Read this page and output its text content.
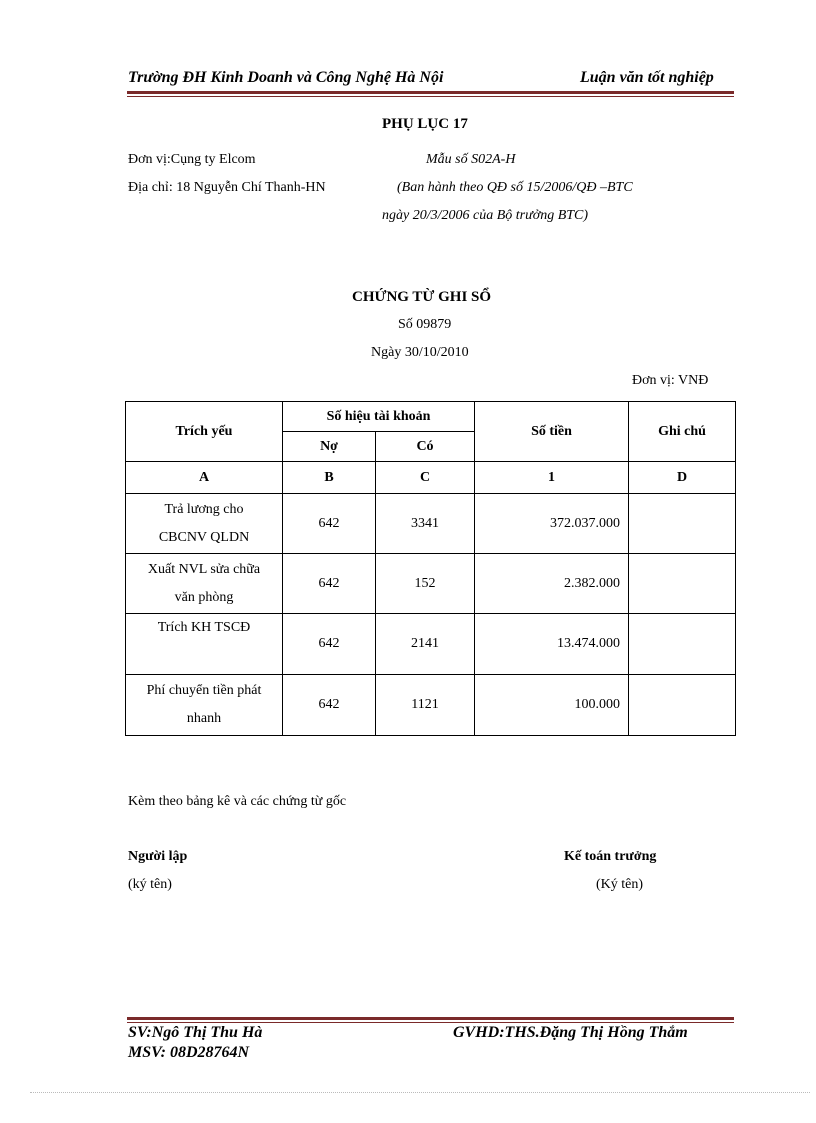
Trường ĐH Kinh Doanh và Công Nghệ Hà Nội	Luận văn tốt nghiệp
PHỤ LỤC 17
Đơn vị:Cụng ty Elcom
Địa chỉ: 18 Nguyễn Chí Thanh-HN
Mẫu số S02A-H
(Ban hành theo QĐ số 15/2006/QĐ –BTC
ngày 20/3/2006 của Bộ trưởng BTC)
CHỨNG TỪ GHI SỔ
Số 09879
Ngày 30/10/2010
Đơn vị: VNĐ
Trích yếu	Số hiệu tài khoản		Số tiền	Ghi chú
	Nợ	Có		
A	B	C	1	D

Trả lương cho
CBCNV QLDN	642	3341	372.037.000	

Xuất NVL sửa chữa
văn phòng	642	152	2.382.000	

Trích KH TSCĐ	642	2141	13.474.000	

Phí chuyển tiền phát
nhanh	642	1121	100.000	
Kèm theo bảng kê và các chứng từ gốc
Người lập
(ký tên)
Kế toán trưởng
(Ký tên)
SV:Ngô Thị Thu Hà
MSV: 08D28764N
GVHD:THS.Đặng Thị Hồng Thắm
